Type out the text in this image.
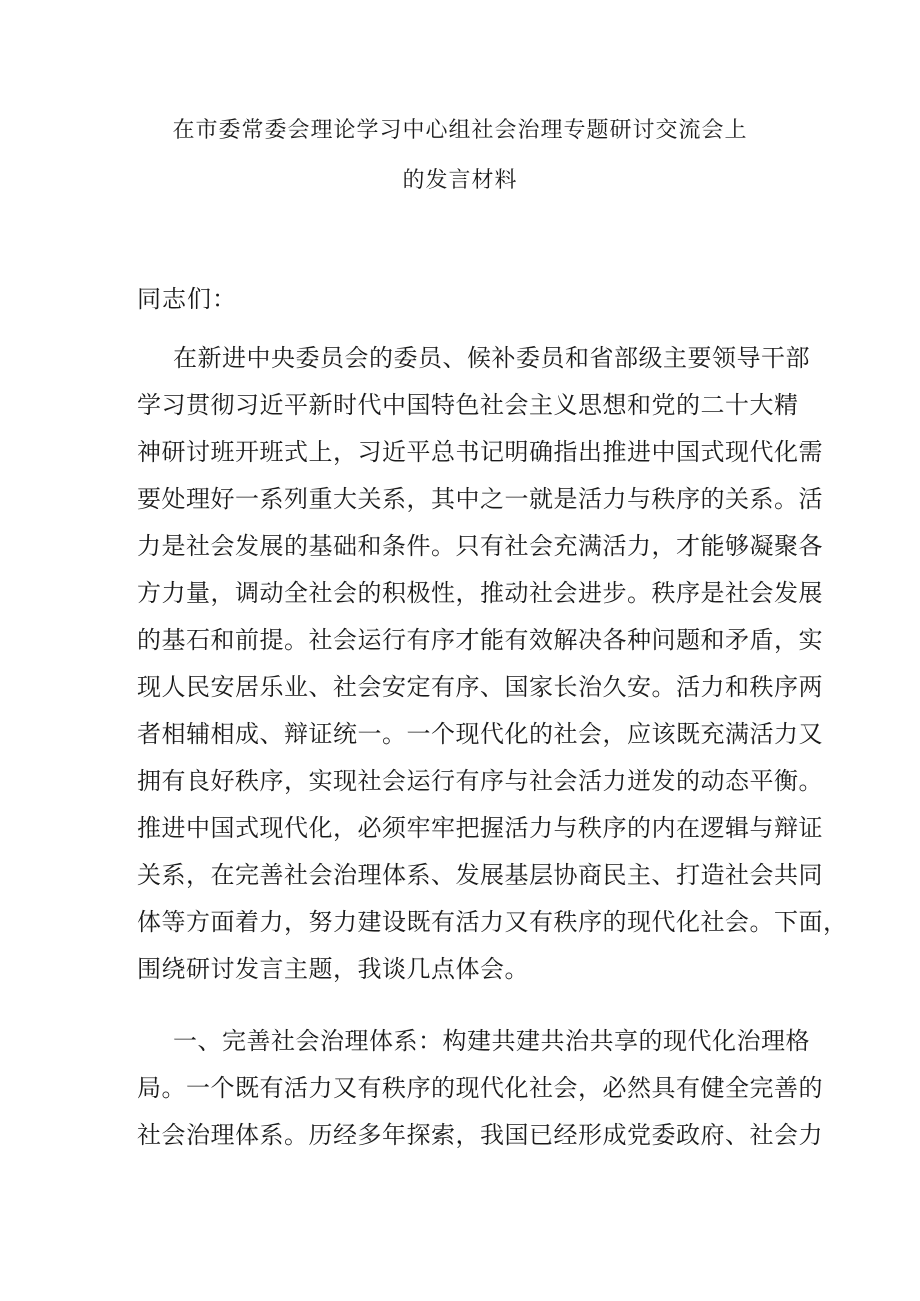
在市委常委会理论学习中心组社会治理专题研讨交流会上
的发言材料
同志们：
在新进中央委员会的委员、候补委员和省部级主要领导干部
学习贯彻习近平新时代中国特色社会主义思想和党的二十大精
神研讨班开班式上，习近平总书记明确指出推进中国式现代化需
要处理好一系列重大关系，其中之一就是活力与秩序的关系。活
力是社会发展的基础和条件。只有社会充满活力，才能够凝聚各
方力量，调动全社会的积极性，推动社会进步。秩序是社会发展
的基石和前提。社会运行有序才能有效解决各种问题和矛盾，实
现人民安居乐业、社会安定有序、国家长治久安。活力和秩序两
者相辅相成、辩证统一。一个现代化的社会，应该既充满活力又
拥有良好秩序，实现社会运行有序与社会活力迸发的动态平衡。
推进中国式现代化，必须牢牢把握活力与秩序的内在逻辑与辩证
关系，在完善社会治理体系、发展基层协商民主、打造社会共同
体等方面着力，努力建设既有活力又有秩序的现代化社会。下面，
围绕研讨发言主题，我谈几点体会。
一、完善社会治理体系：构建共建共治共享的现代化治理格
局。一个既有活力又有秩序的现代化社会，必然具有健全完善的
社会治理体系。历经多年探索，我国已经形成党委政府、社会力
